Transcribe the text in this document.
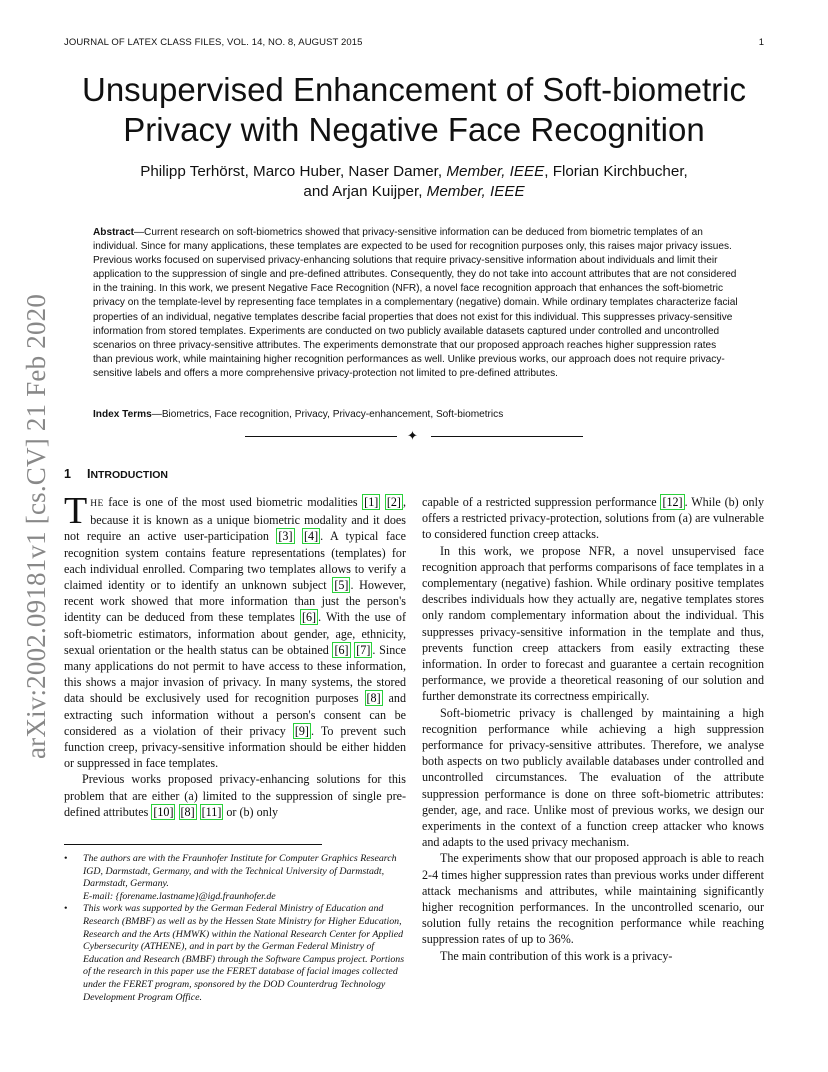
JOURNAL OF LATEX CLASS FILES, VOL. 14, NO. 8, AUGUST 2015	1
Unsupervised Enhancement of Soft-biometric
Privacy with Negative Face Recognition
Philipp Terhörst, Marco Huber, Naser Damer, Member, IEEE, Florian Kirchbucher,
and Arjan Kuijper, Member, IEEE

Abstract—Current research on soft-biometrics showed that privacy-sensitive information can be deduced from biometric templates of an individual. Since for many applications, these templates are expected to be used for recognition purposes only, this raises major privacy issues. Previous works focused on supervised privacy-enhancing solutions that require privacy-sensitive information about individuals and limit their application to the suppression of single and pre-defined attributes. Consequently, they do not take into account attributes that are not considered in the training. In this work, we present Negative Face Recognition (NFR), a novel face recognition approach that enhances the soft-biometric privacy on the template-level by representing face templates in a complementary (negative) domain. While ordinary templates characterize facial properties of an individual, negative templates describe facial properties that does not exist for this individual. This suppresses privacy-sensitive information from stored templates. Experiments are conducted on two publicly available datasets captured under controlled and uncontrolled scenarios on three privacy-sensitive attributes. The experiments demonstrate that our proposed approach reaches higher suppression rates than previous work, while maintaining higher recognition performances as well. Unlike previous works, our approach does not require privacy-sensitive labels and offers a more comprehensive privacy-protection not limited to pre-defined attributes.

Index Terms—Biometrics, Face recognition, Privacy, Privacy-enhancement, Soft-biometrics

✦
arXiv:2002.09181v1 [cs.CV] 21 Feb 2020 1 INTRODUCTION

THE face is one of the most used biometric modalities [1] [2] , because it is known as a unique biometric modality and it does not require an active user-participation [3] [4] . A typical face recognition system contains feature representations (templates) for each individual enrolled. Comparing two templates allows to verify a claimed identity or to identify an unknown subject [5] . However, recent work showed that more information than just the person's identity can be deduced from these templates [6] . With the use of soft-biometric estimators, information about gender, age, ethnicity, sexual orientation or the health status can be obtained [6] [7] . Since many applications do not permit to have access to these information, this shows a major invasion of privacy. In many systems, the stored data should be exclusively used for recognition purposes [8] and extracting such information without a person's consent can be considered as a violation of their privacy [9] . To prevent such function creep, privacy-sensitive information should be either hidden or suppressed in face templates.

Previous works proposed privacy-enhancing solutions for this problem that are either (a) limited to the suppression of single pre-defined attributes [10] [8] [11] or (b) only

• The authors are with the Fraunhofer Institute for Computer Graphics Research IGD, Darmstadt, Germany, and with the Technical University of Darmstadt, Darmstadt, Germany.
E-mail: {forename.lastname}@igd.fraunhofer.de

• This work was supported by the German Federal Ministry of Education and Research (BMBF) as well as by the Hessen State Ministry for Higher Education, Research and the Arts (HMWK) within the National Research Center for Applied Cybersecurity (ATHENE), and in part by the German Federal Ministry of Education and Research (BMBF) through the Software Campus project. Portions of the research in this paper use the FERET database of facial images collected under the FERET program, sponsored by the DOD Counterdrug Technology Development Program Office.

capable of a restricted suppression performance [12] . While (b) only offers a restricted privacy-protection, solutions from (a) are vulnerable to considered function creep attacks.

In this work, we propose NFR, a novel unsupervised face recognition approach that performs comparisons of face templates in a complementary (negative) fashion. While ordinary positive templates describes individuals how they actually are, negative templates stores only random complementary information about the individual. This suppresses privacy-sensitive information in the template and thus, prevents function creep attackers from easily extracting these information. In order to forecast and guarantee a certain recognition performance, we provide a theoretical reasoning of our solution and further demonstrate its correctness empirically.

Soft-biometric privacy is challenged by maintaining a high recognition performance while achieving a high suppression performance for privacy-sensitive attributes. Therefore, we analyse both aspects on two publicly available databases under controlled and uncontrolled circumstances. The evaluation of the attribute suppression performance is done on three soft-biometric attributes: gender, age, and race. Unlike most of previous works, we design our experiments in the context of a function creep attacker who knows and adapts to the used privacy mechanism.

The experiments show that our proposed approach is able to reach 2-4 times higher suppression rates than previous works under different attack mechanisms and attributes, while maintaining significantly higher recognition performances. In the uncontrolled scenario, our solution fully retains the recognition performance while reaching suppression rates of up to 36%.

The main contribution of this work is a privacy-
